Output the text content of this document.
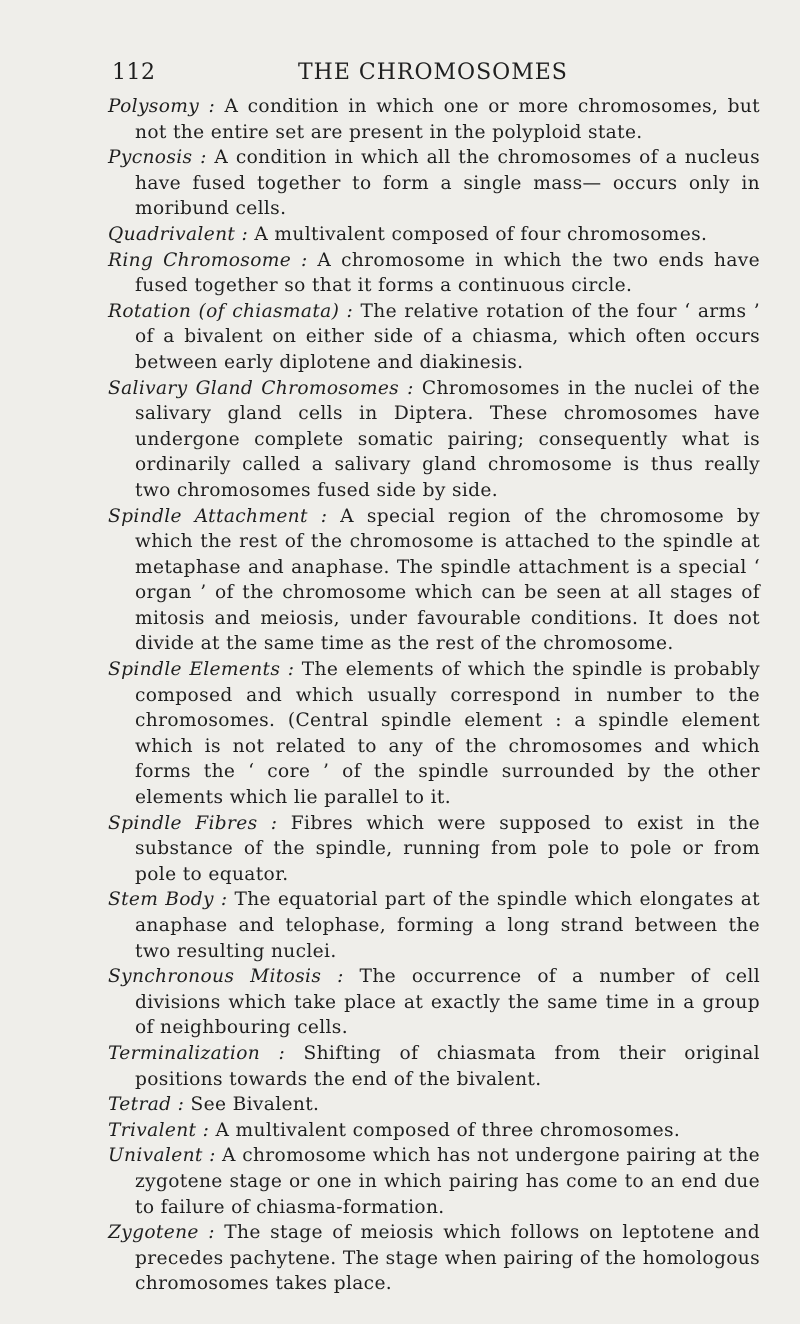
112	THE CHROMOSOMES

Polysomy : A condition in which one or more chromosomes, but not the entire set are present in the polyploid state.

Pycnosis : A condition in which all the chromosomes of a nucleus have fused together to form a single mass— occurs only in moribund cells.

Quadrivalent : A multivalent composed of four chromosomes.

Ring Chromosome : A chromosome in which the two ends have fused together so that it forms a continuous circle.

Rotation (of chiasmata) : The relative rotation of the four ‘ arms ’ of a bivalent on either side of a chiasma, which often occurs between early diplotene and diakinesis.

Salivary Gland Chromosomes : Chromosomes in the nuclei of the salivary gland cells in Diptera. These chromosomes have undergone complete somatic pairing; consequently what is ordinarily called a salivary gland chromosome is thus really two chromosomes fused side by side.

Spindle Attachment : A special region of the chromosome by which the rest of the chromosome is attached to the spindle at metaphase and anaphase. The spindle attachment is a special ‘ organ ’ of the chromosome which can be seen at all stages of mitosis and meiosis, under favourable conditions. It does not divide at the same time as the rest of the chromosome.

Spindle Elements : The elements of which the spindle is probably composed and which usually correspond in number to the chromosomes. (Central spindle element : a spindle element which is not related to any of the chromosomes and which forms the ‘ core ’ of the spindle surrounded by the other elements which lie parallel to it.

Spindle Fibres : Fibres which were supposed to exist in the substance of the spindle, running from pole to pole or from pole to equator.

Stem Body : The equatorial part of the spindle which elongates at anaphase and telophase, forming a long strand between the two resulting nuclei.

Synchronous Mitosis : The occurrence of a number of cell divisions which take place at exactly the same time in a group of neighbouring cells.

Terminalization : Shifting of chiasmata from their original positions towards the end of the bivalent.

Tetrad : See Bivalent.

Trivalent : A multivalent composed of three chromosomes.

Univalent : A chromosome which has not undergone pairing at the zygotene stage or one in which pairing has come to an end due to failure of chiasma-formation.

Zygotene : The stage of meiosis which follows on leptotene and precedes pachytene. The stage when pairing of the homologous chromosomes takes place.
